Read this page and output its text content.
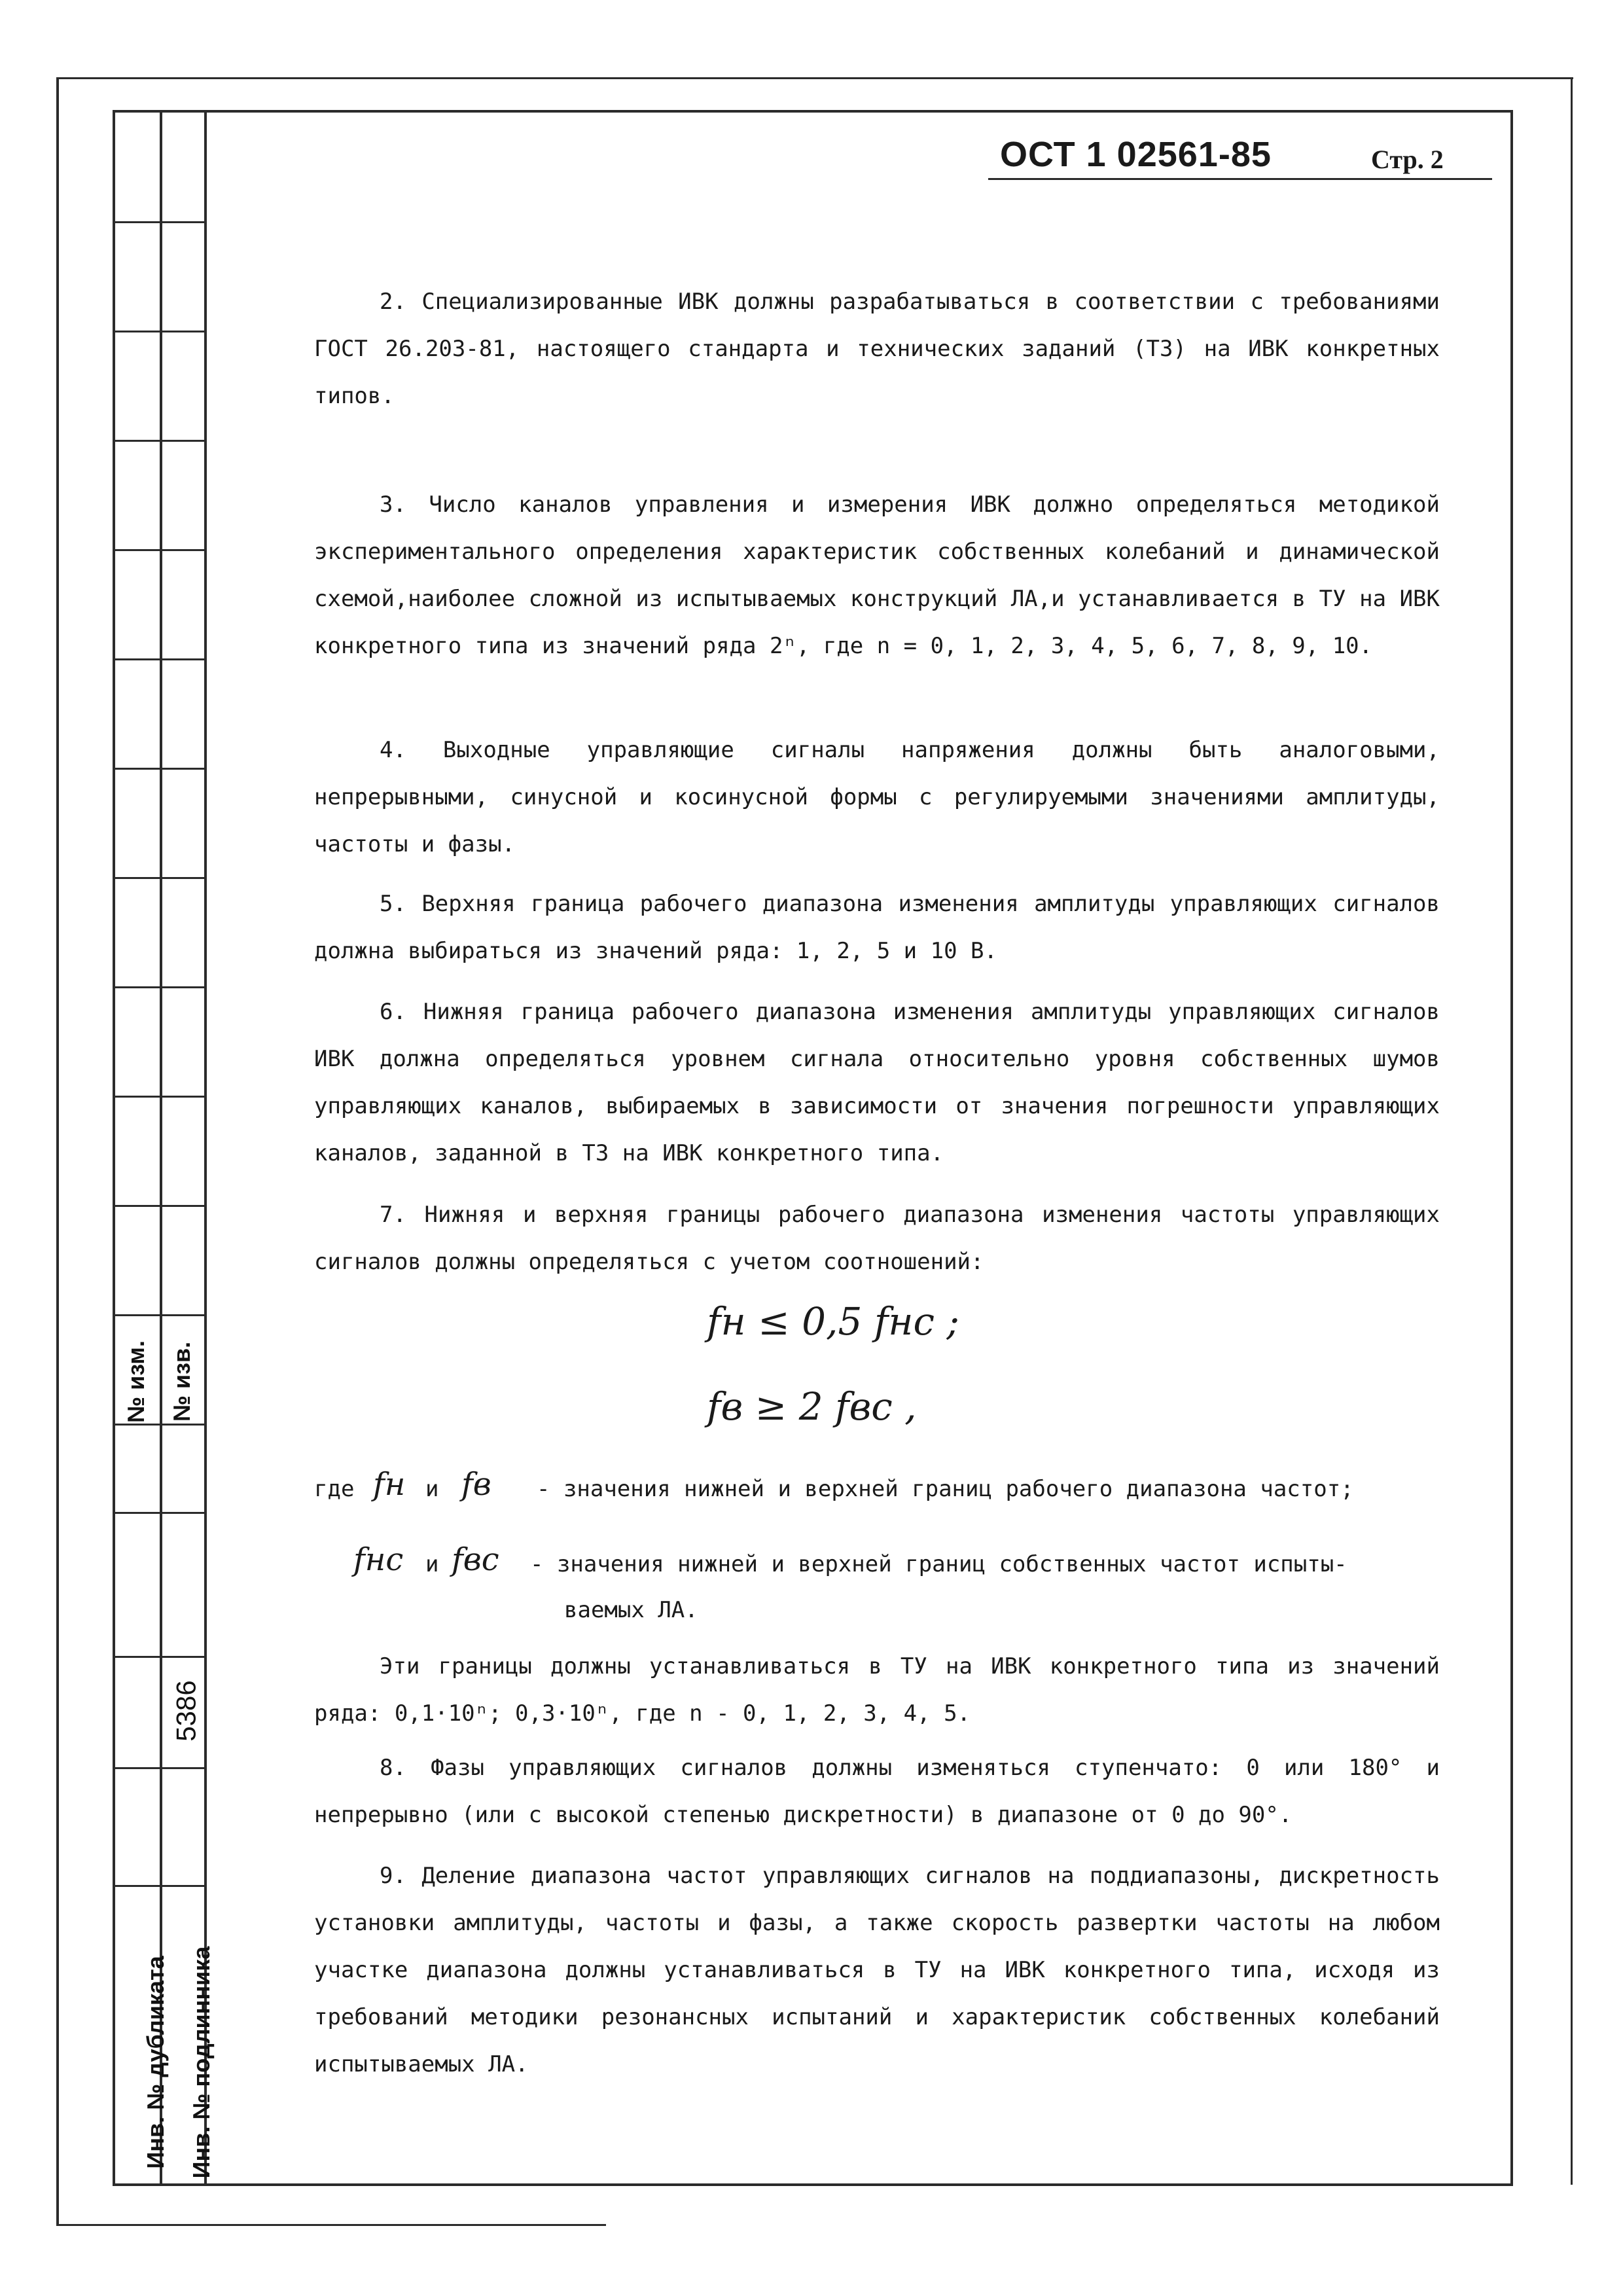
№ изм. № изв.
5386
Инв. № дубликата Инв. № подлинника
ОСТ 1 02561-85	Стр. 2

2. Специализированные ИВК должны разрабатываться в соответствии с требованиями ГОСТ 26.203-81, настоящего стандарта и технических заданий (ТЗ) на ИВК конкретных типов.

3. Число каналов управления и измерения ИВК должно определяться методикой экспериментального определения характеристик собственных колебаний и динамической схемой,наиболее сложной из испытываемых конструкций ЛА,и устанавливается в ТУ на ИВК конкретного типа из значений ряда 2ⁿ, где n = 0, 1, 2, 3, 4, 5, 6, 7, 8, 9, 10.

4. Выходные управляющие сигналы напряжения должны быть аналоговыми, непрерывными, синусной и косинусной формы с регулируемыми значениями амплитуды, частоты и фазы.

5. Верхняя граница рабочего диапазона изменения амплитуды управляющих сигналов должна выбираться из значений ряда: 1, 2, 5 и 10 В.

6. Нижняя граница рабочего диапазона изменения амплитуды управляющих сигналов ИВК должна определяться уровнем сигнала относительно уровня собственных шумов управляющих каналов, выбираемых в зависимости от значения погрешности управляющих каналов, заданной в ТЗ на ИВК конкретного типа.

7. Нижняя и верхняя границы рабочего диапазона изменения частоты управляющих сигналов должны определяться с учетом соотношений:

fн ≤ 0,5 fнс ;
fв ≥ 2 fвс ,
где fн и fв - значения нижней и верхней границ рабочего диапазона частот;
fнс и fвс - значения нижней и верхней границ собственных частот испыты-
ваемых ЛА.

Эти границы должны устанавливаться в ТУ на ИВК конкретного типа из значений ряда: 0,1·10ⁿ; 0,3·10ⁿ, где n - 0, 1, 2, 3, 4, 5.

8. Фазы управляющих сигналов должны изменяться ступенчато: 0 или 180° и непрерывно (или с высокой степенью дискретности) в диапазоне от 0 до 90°.

9. Деление диапазона частот управляющих сигналов на поддиапазоны, дискретность установки амплитуды, частоты и фазы, а также скорость развертки частоты на любом участке диапазона должны устанавливаться в ТУ на ИВК конкретного типа, исходя из требований методики резонансных испытаний и характеристик собственных колебаний испытываемых ЛА.
